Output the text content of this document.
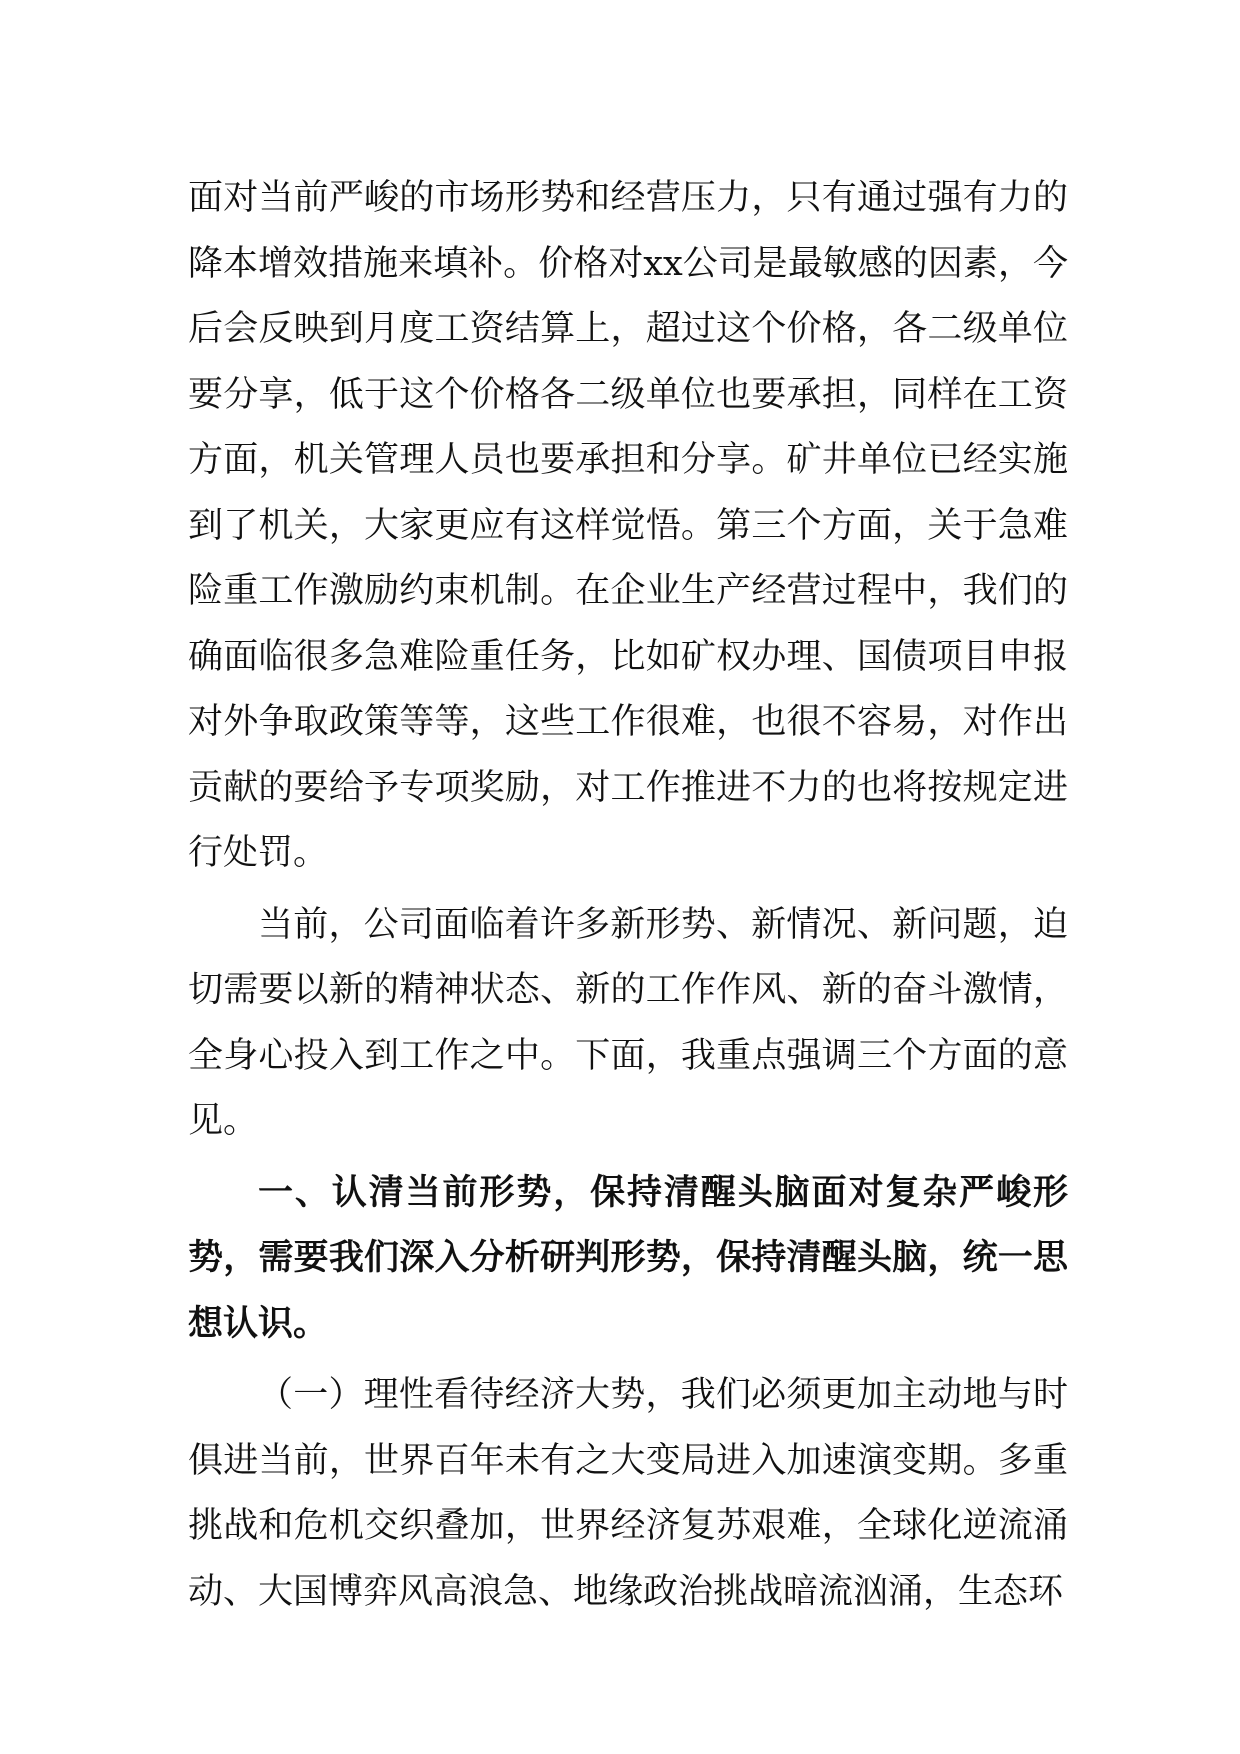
面对当前严峻的市场形势和经营压力，只有通过强有力的降本增效措施来填补。价格对xx公司是最敏感的因素，今后会反映到月度工资结算上，超过这个价格，各二级单位要分享，低于这个价格各二级单位也要承担，同样在工资方面，机关管理人员也要承担和分享。矿井单位已经实施到了机关，大家更应有这样觉悟。第三个方面，关于急难险重工作激励约束机制。在企业生产经营过程中，我们的确面临很多急难险重任务，比如矿权办理、国债项目申报对外争取政策等等，这些工作很难，也很不容易，对作出贡献的要给予专项奖励，对工作推进不力的也将按规定进行处罚。

当前，公司面临着许多新形势、新情况、新问题，迫切需要以新的精神状态、新的工作作风、新的奋斗激情，全身心投入到工作之中。下面，我重点强调三个方面的意见。

一、认清当前形势，保持清醒头脑面对复杂严峻形势，需要我们深入分析研判形势，保持清醒头脑，统一思想认识。

（一）理性看待经济大势，我们必须更加主动地与时俱进当前，世界百年未有之大变局进入加速演变期。多重挑战和危机交织叠加，世界经济复苏艰难，全球化逆流涌动、大国博弈风高浪急、地缘政治挑战暗流汹涌，生态环
